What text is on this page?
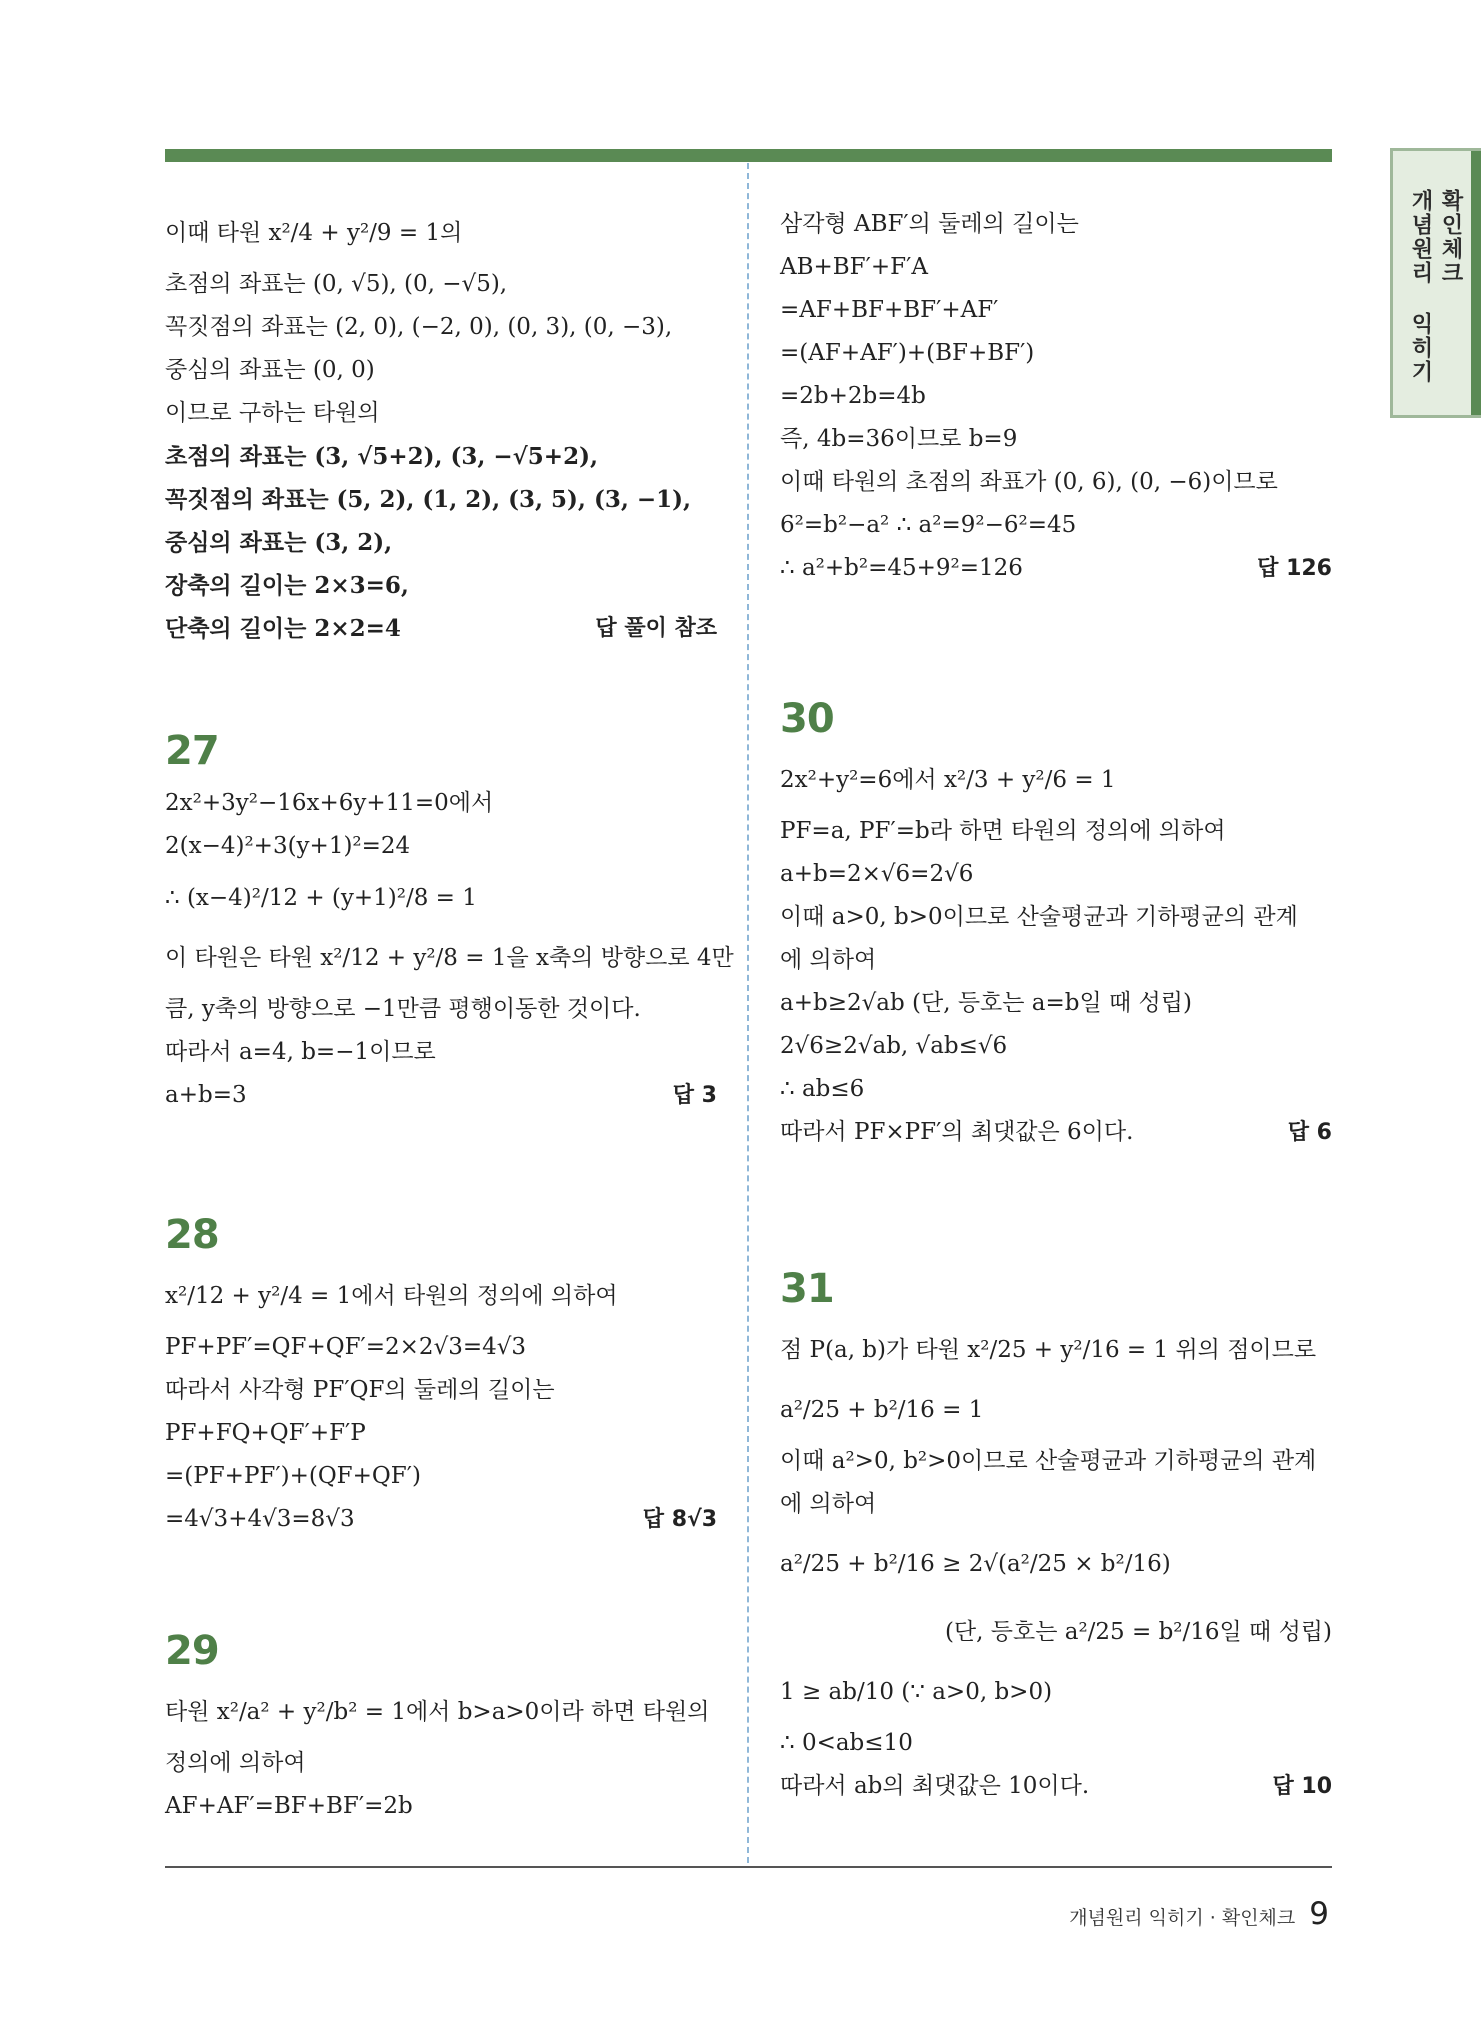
개념원리 익히기 확인체크
이때 타원 x²/4 + y²/9 = 1의
초점의 좌표는 (0, √5), (0, −√5),
꼭짓점의 좌표는 (2, 0), (−2, 0), (0, 3), (0, −3),
중심의 좌표는 (0, 0)
이므로 구하는 타원의
초점의 좌표는 (3, √5+2), (3, −√5+2),
꼭짓점의 좌표는 (5, 2), (1, 2), (3, 5), (3, −1),
중심의 좌표는 (3, 2),
장축의 길이는 2×3=6,
단축의 길이는 2×2=4	답 풀이 참조
27
2x²+3y²−16x+6y+11=0에서
2(x−4)²+3(y+1)²=24
∴ (x−4)²/12 + (y+1)²/8 = 1
이 타원은 타원 x²/12 + y²/8 = 1을 x축의 방향으로 4만
큼, y축의 방향으로 −1만큼 평행이동한 것이다.
따라서 a=4, b=−1이므로
a+b=3	답 3
28
x²/12 + y²/4 = 1에서 타원의 정의에 의하여
PF+PF′=QF+QF′=2×2√3=4√3
따라서 사각형 PF′QF의 둘레의 길이는
PF+FQ+QF′+F′P
=(PF+PF′)+(QF+QF′)
=4√3+4√3=8√3	답 8√3
29
타원 x²/a² + y²/b² = 1에서 b>a>0이라 하면 타원의
정의에 의하여
AF+AF′=BF+BF′=2b
삼각형 ABF′의 둘레의 길이는
AB+BF′+F′A
=AF+BF+BF′+AF′
=(AF+AF′)+(BF+BF′)
=2b+2b=4b
즉, 4b=36이므로 b=9
이때 타원의 초점의 좌표가 (0, 6), (0, −6)이므로
6²=b²−a² ∴ a²=9²−6²=45
∴ a²+b²=45+9²=126	답 126
30
2x²+y²=6에서 x²/3 + y²/6 = 1
PF=a, PF′=b라 하면 타원의 정의에 의하여
a+b=2×√6=2√6
이때 a>0, b>0이므로 산술평균과 기하평균의 관계
에 의하여
a+b≥2√ab (단, 등호는 a=b일 때 성립)
2√6≥2√ab, √ab≤√6
∴ ab≤6
따라서 PF×PF′의 최댓값은 6이다.	답 6
31
점 P(a, b)가 타원 x²/25 + y²/16 = 1 위의 점이므로
a²/25 + b²/16 = 1
이때 a²>0, b²>0이므로 산술평균과 기하평균의 관계
에 의하여
a²/25 + b²/16 ≥ 2√(a²/25 × b²/16)
(단, 등호는 a²/25 = b²/16일 때 성립)
1 ≥ ab/10 (∵ a>0, b>0)
∴ 0<ab≤10
따라서 ab의 최댓값은 10이다.	답 10
개념원리 익히기 · 확인체크 9
